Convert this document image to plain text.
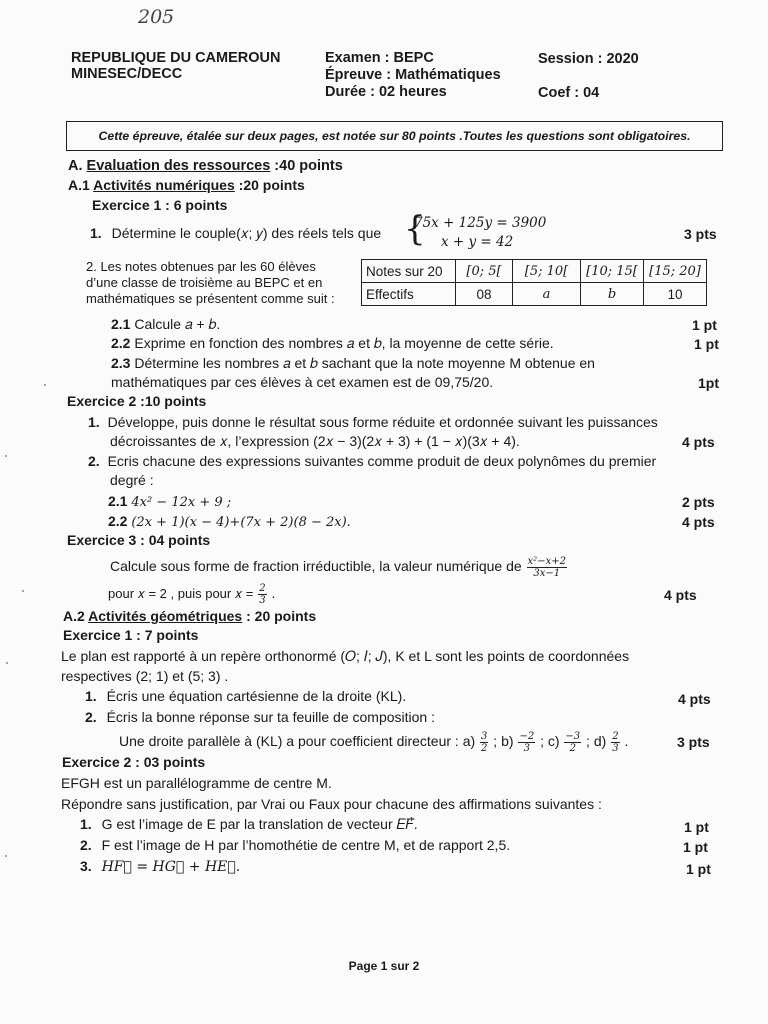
205
REPUBLIQUE DU CAMEROUN
MINESEC/DECC
Examen : BEPC
Épreuve : Mathématiques
Durée : 02 heures
Session : 2020
Coef : 04
Cette épreuve, étalée sur deux pages, est notée sur 80 points .Toutes les questions sont obligatoires.
A. Evaluation des ressources :40 points
A.1 Activités numériques :20 points
Exercice 1 : 6 points
1. Détermine le couple(𝑥; 𝑦) des réels tels que {
75𝑥 + 125𝑦 = 3900
𝑥 + 𝑦 = 42	3 pts
2. Les notes obtenues par les 60 élèves
d’une classe de troisième au BEPC et en
mathématiques se présentent comme suit :
Notes sur 20	[0; 5[	[5; 10[	[10; 15[	[15; 20]
Effectifs	08	𝑎	𝑏	10
2.1 Calcule 𝑎 + 𝑏.	1 pt
2.2 Exprime en fonction des nombres 𝑎 et 𝑏, la moyenne de cette série.	1 pt
2.3 Détermine les nombres 𝑎 et 𝑏 sachant que la note moyenne M obtenue en
mathématiques par ces élèves à cet examen est de 09,75/20.	1pt
Exercice 2 :10 points
1. Développe, puis donne le résultat sous forme réduite et ordonnée suivant les puissances
décroissantes de 𝑥, l’expression (2𝑥 − 3)(2𝑥 + 3) + (1 − 𝑥)(3𝑥 + 4).	4 pts
2. Ecris chacune des expressions suivantes comme produit de deux polynômes du premier
degré :
2.1 4𝑥² − 12𝑥 + 9 ;	2 pts
2.2 (2𝑥 + 1)(𝑥 − 4)+(7𝑥 + 2)(8 − 2𝑥).	4 pts
Exercice 3 : 04 points
Calcule sous forme de fraction irréductible, la valeur numérique de $\frac{\text{𝑥²−𝑥+2}}{\text{3𝑥−1}}$
pour 𝑥 = 2 , puis pour 𝑥 = $\frac{2}{3}$ .	4 pts
A.2 Activités géométriques : 20 points
Exercice 1 : 7 points
Le plan est rapporté à un repère orthonormé (𝑂; 𝐼; 𝐽), K et L sont les points de coordonnées
respectives (2; 1) et (5; 3) .
1. Écris une équation cartésienne de la droite (KL).	4 pts
2. Écris la bonne réponse sur ta feuille de composition :
Une droite parallèle à (KL) a pour coefficient directeur : $a) \frac{3}{2}$ ; $b) \frac{-2}{3}$ ; $c) \frac{-3}{2}$ ; $d) \frac{2}{3}$ .	3 pts
Exercice 2 : 03 points
EFGH est un parallélogramme de centre M.
Répondre sans justification, par Vrai ou Faux pour chacune des affirmations suivantes :
1. G est l’image de E par la translation de vecteur 𝐸𝐹⃗.	1 pt
2. F est l’image de H par l’homothétie de centre M, et de rapport 2,5.	1 pt
3. 𝐻𝐹⃗ = 𝐻𝐺⃗ + 𝐻𝐸⃗.	1 pt
Page 1 sur 2
